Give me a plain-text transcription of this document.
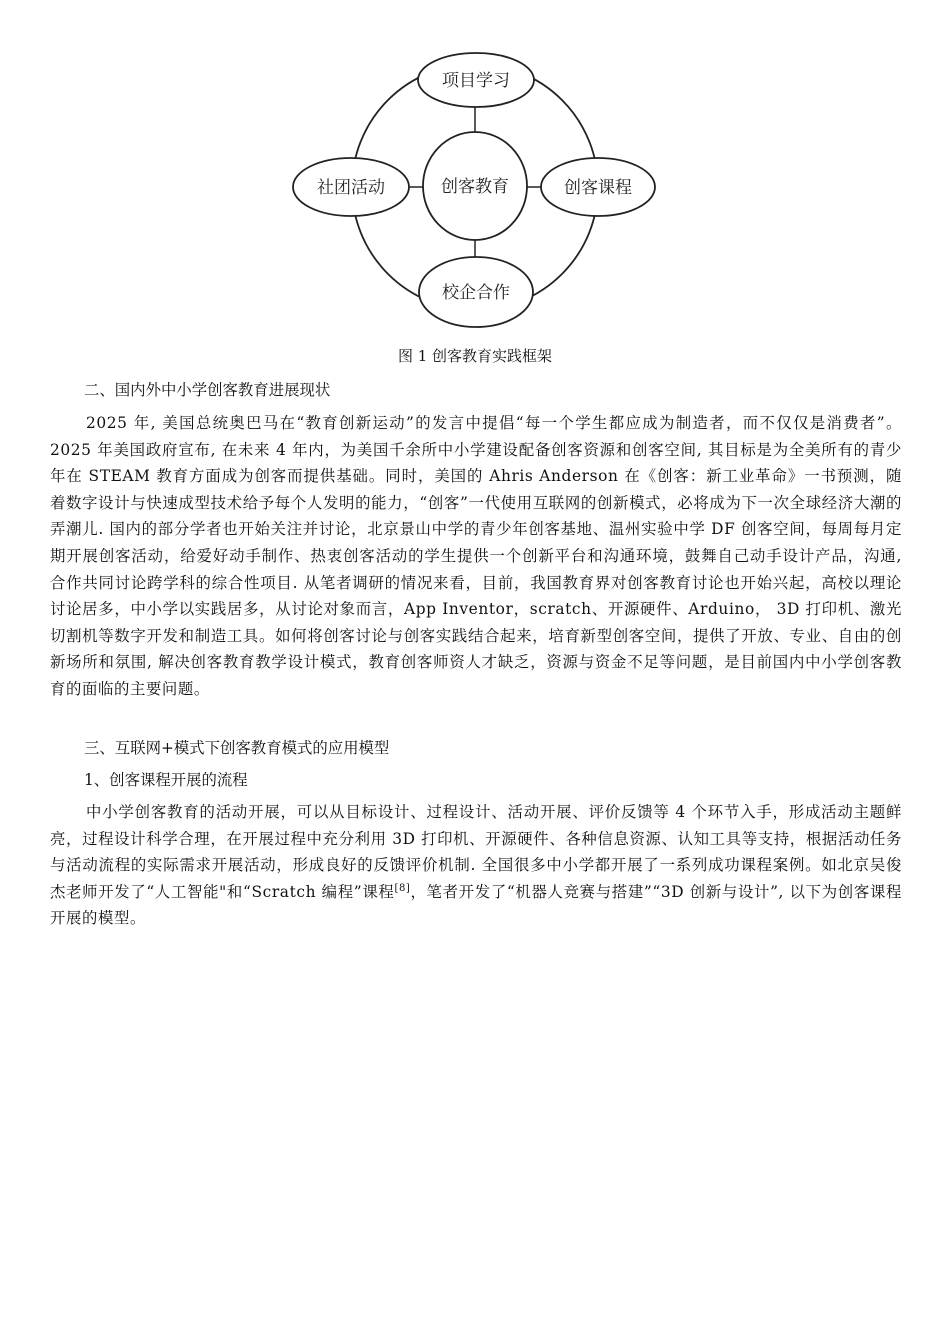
项目学习
社团活动	创客课程
校企合作
创客教育
图 1 创客教育实践框架
二、国内外中小学创客教育进展现状
2025 年, 美国总统奥巴马在“教育创新运动”的发言中提倡“每一个学生都应成为制造者，而不仅仅是消费者”。2025 年美国政府宣布, 在未来 4 年内，为美国千余所中小学建设配备创客资源和创客空间, 其目标是为全美所有的青少年在 STEAM 教育方面成为创客而提供基础。同时，美国的 Ahris Anderson 在《创客：新工业革命》一书预测，随着数字设计与快速成型技术给予每个人发明的能力，“创客”一代使用互联网的创新模式，必将成为下一次全球经济大潮的弄潮儿. 国内的部分学者也开始关注并讨论，北京景山中学的青少年创客基地、温州实验中学 DF 创客空间，每周每月定期开展创客活动，给爱好动手制作、热衷创客活动的学生提供一个创新平台和沟通环境，鼓舞自己动手设计产品，沟通, 合作共同讨论跨学科的综合性项目. 从笔者调研的情况来看，目前，我国教育界对创客教育讨论也开始兴起，高校以理论讨论居多，中小学以实践居多，从讨论对象而言，App Inventor，scratch、开源硬件、Arduino， 3D 打印机、激光切割机等数字开发和制造工具。如何将创客讨论与创客实践结合起来，培育新型创客空间，提供了开放、专业、自由的创新场所和氛围, 解决创客教育教学设计模式，教育创客师资人才缺乏，资源与资金不足等问题，是目前国内中小学创客教育的面临的主要问题。
三、互联网+模式下创客教育模式的应用模型
1、创客课程开展的流程
中小学创客教育的活动开展，可以从目标设计、过程设计、活动开展、评价反馈等 4 个环节入手，形成活动主题鲜亮，过程设计科学合理，在开展过程中充分利用 3D 打印机、开源硬件、各种信息资源、认知工具等支持，根据活动任务与活动流程的实际需求开展活动，形成良好的反馈评价机制. 全国很多中小学都开展了一系列成功课程案例。如北京吴俊杰老师开发了“人工智能"和“Scratch 编程”课程[8]，笔者开发了“机器人竞赛与搭建”“3D 创新与设计”, 以下为创客课程开展的模型。
